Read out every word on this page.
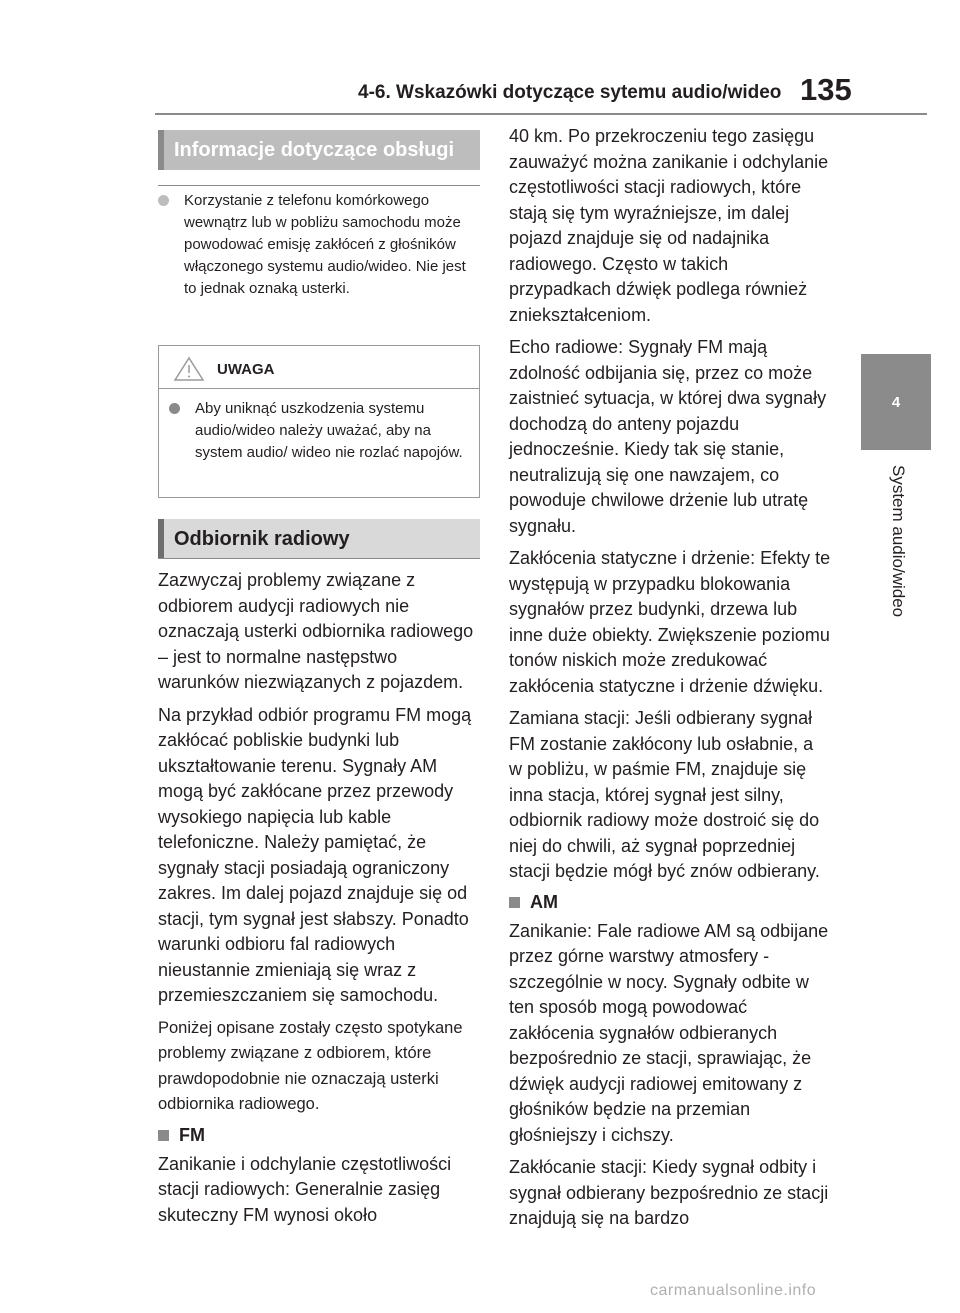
4-6. Wskazówki dotyczące sytemu audio/wideo 135
4
System audio/wideo
Informacje dotyczące obsługi
Korzystanie z telefonu komórkowego wewnątrz lub w pobliżu samochodu może powodować emisję zakłóceń z głośników włączonego systemu audio/wideo. Nie jest to jednak oznaką usterki.
UWAGA
Aby uniknąć uszkodzenia systemu audio/wideo należy uważać, aby na system audio/ wideo nie rozlać napojów.
Odbiornik radiowy

Zazwyczaj problemy związane z odbiorem audycji radiowych nie oznaczają usterki odbiornika radiowego – jest to normalne następstwo warunków niezwiązanych z pojazdem.

Na przykład odbiór programu FM mogą zakłócać pobliskie budynki lub ukształtowanie terenu. Sygnały AM mogą być zakłócane przez przewody wysokiego napięcia lub kable telefoniczne. Należy pamiętać, że sygnały stacji posiadają ograniczony zakres. Im dalej pojazd znajduje się od stacji, tym sygnał jest słabszy. Ponadto warunki odbioru fal radiowych nieustannie zmieniają się wraz z przemieszczaniem się samochodu.

Poniżej opisane zostały często spotykane problemy związane z odbiorem, które prawdopodobnie nie oznaczają usterki odbiornika radiowego.

FM

Zanikanie i odchylanie częstotliwości stacji radiowych: Generalnie zasięg skuteczny FM wynosi około

40 km. Po przekroczeniu tego zasięgu zauważyć można zanikanie i odchylanie częstotliwości stacji radiowych, które stają się tym wyraźniejsze, im dalej pojazd znajduje się od nadajnika radiowego. Często w takich przypadkach dźwięk podlega również zniekształceniom.

Echo radiowe: Sygnały FM mają zdolność odbijania się, przez co może zaistnieć sytuacja, w której dwa sygnały dochodzą do anteny pojazdu jednocześnie. Kiedy tak się stanie, neutralizują się one nawzajem, co powoduje chwilowe drżenie lub utratę sygnału.

Zakłócenia statyczne i drżenie: Efekty te występują w przypadku blokowania sygnałów przez budynki, drzewa lub inne duże obiekty. Zwiększenie poziomu tonów niskich może zredukować zakłócenia statyczne i drżenie dźwięku.

Zamiana stacji: Jeśli odbierany sygnał FM zostanie zakłócony lub osłabnie, a w pobliżu, w paśmie FM, znajduje się inna stacja, której sygnał jest silny, odbiornik radiowy może dostroić się do niej do chwili, aż sygnał poprzedniej stacji będzie mógł być znów odbierany.

AM

Zanikanie: Fale radiowe AM są odbijane przez górne warstwy atmosfery - szczególnie w nocy. Sygnały odbite w ten sposób mogą powodować zakłócenia sygnałów odbieranych bezpośrednio ze stacji, sprawiając, że dźwięk audycji radiowej emitowany z głośników będzie na przemian głośniejszy i cichszy.

Zakłócanie stacji: Kiedy sygnał odbity i sygnał odbierany bezpośrednio ze stacji znajdują się na bardzo

carmanualsonline.info
